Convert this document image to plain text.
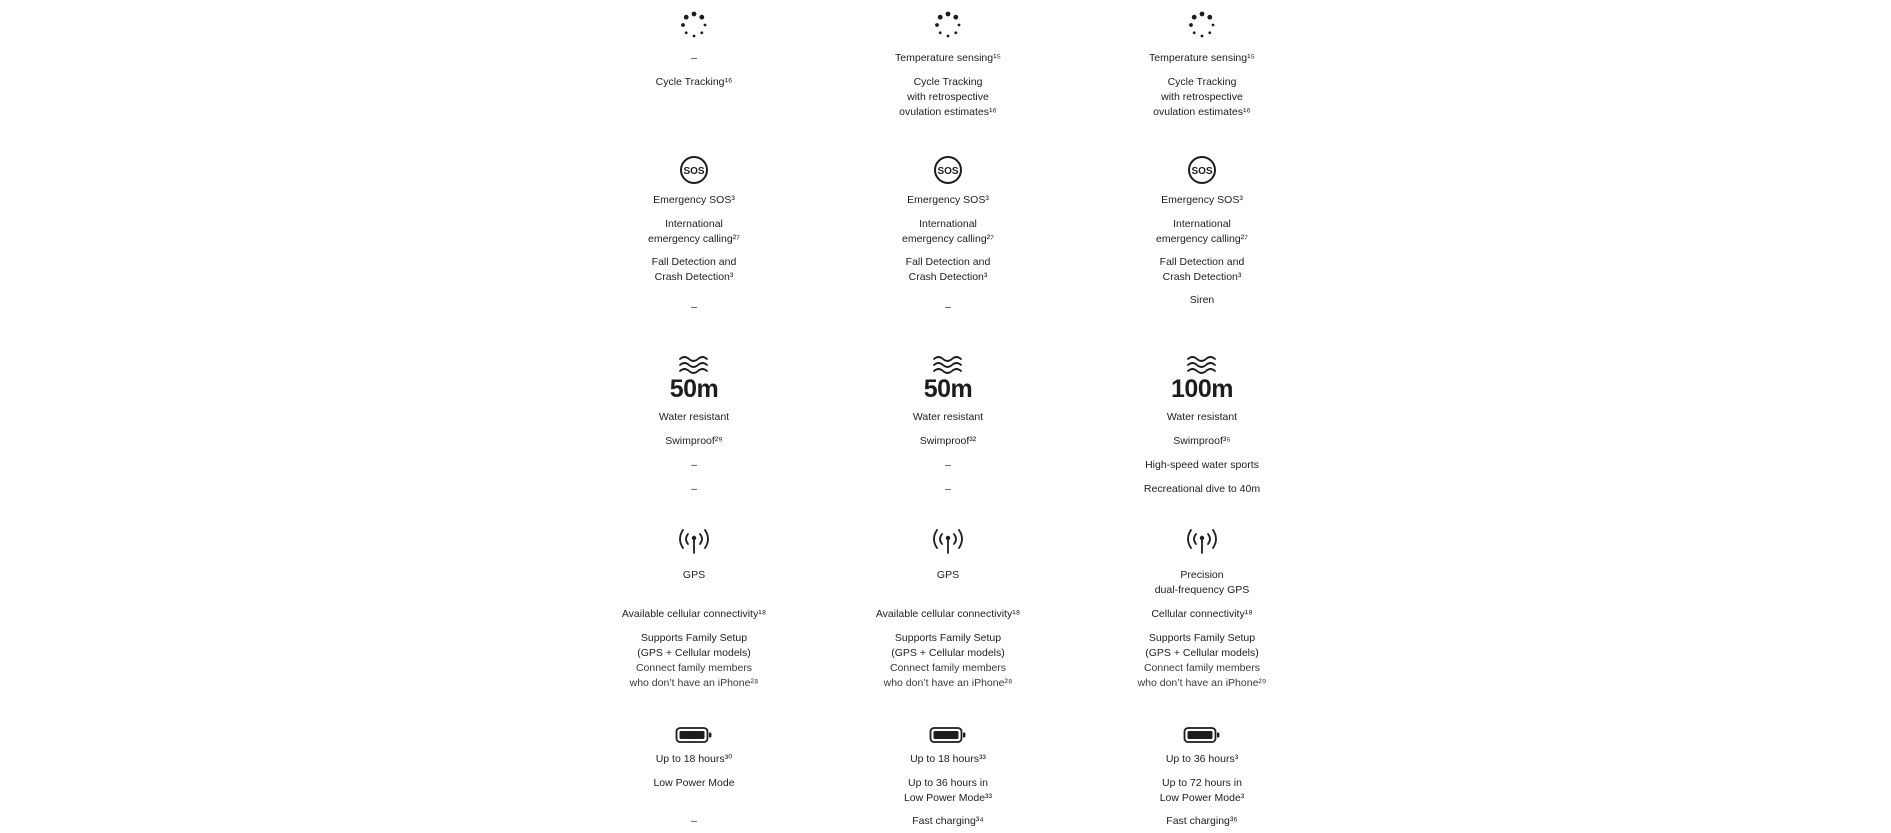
–
Cycle Tracking¹⁶
SOS
Emergency SOS³
International
emergency calling²⁷
Fall Detection and
Crash Detection³
–
50m
Water resistant
Swimproof²⁹
–
–
GPS
Available cellular connectivity¹⁸
Supports Family Setup
(GPS + Cellular models)
Connect family members
who don’t have an iPhone²⁸
Up to 18 hours³⁰
Low Power Mode
–
Temperature sensing¹⁵
Cycle Tracking
with retrospective
ovulation estimates¹⁶
SOS
Emergency SOS³
International
emergency calling²⁷
Fall Detection and
Crash Detection³
–
50m
Water resistant
Swimproof³²
–
–
GPS
Available cellular connectivity¹⁸
Supports Family Setup
(GPS + Cellular models)
Connect family members
who don’t have an iPhone²⁸
Up to 18 hours³³
Up to 36 hours in
Low Power Mode³³
Fast charging³⁴
Temperature sensing¹⁵
Cycle Tracking
with retrospective
ovulation estimates¹⁶
SOS
Emergency SOS³
International
emergency calling²⁷
Fall Detection and
Crash Detection³
Siren
100m
Water resistant
Swimproof³⁵
High-speed water sports
Recreational dive to 40m
Precision
dual-frequency GPS
Cellular connectivity¹⁸
Supports Family Setup
(GPS + Cellular models)
Connect family members
who don’t have an iPhone²⁹
Up to 36 hours³
Up to 72 hours in
Low Power Mode³
Fast charging³⁶
